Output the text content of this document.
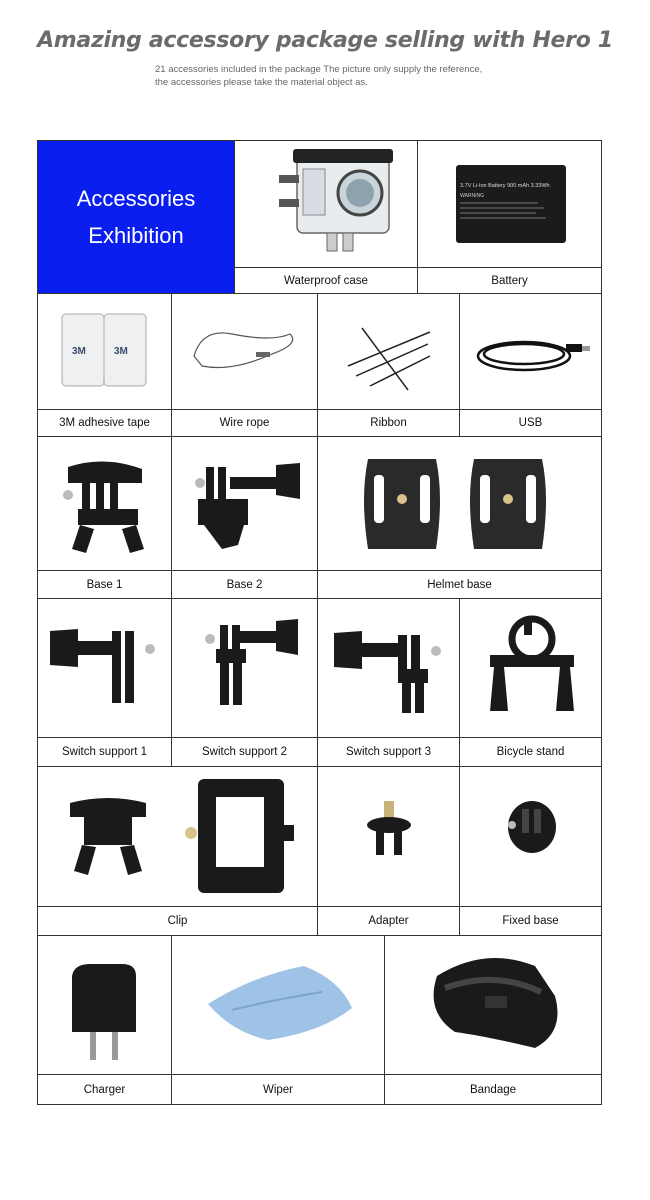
Amazing accessory package selling with Hero 1
21 accessories included in the package The picture only supply the reference,
the accessories please take the material object as.
Accessories
Exhibition
Waterproof case
3.7V Li-Ion Battery 900 mAh 3.33Wh
WARNING
Battery
3M	3M
3M adhesive tape	Wire rope	Ribbon	USB
Base 1	Base 2	Helmet base
Switch support 1	Switch support 2	Switch support 3	Bicycle stand
Clip	Adapter	Fixed base
Charger	Wiper	Bandage
